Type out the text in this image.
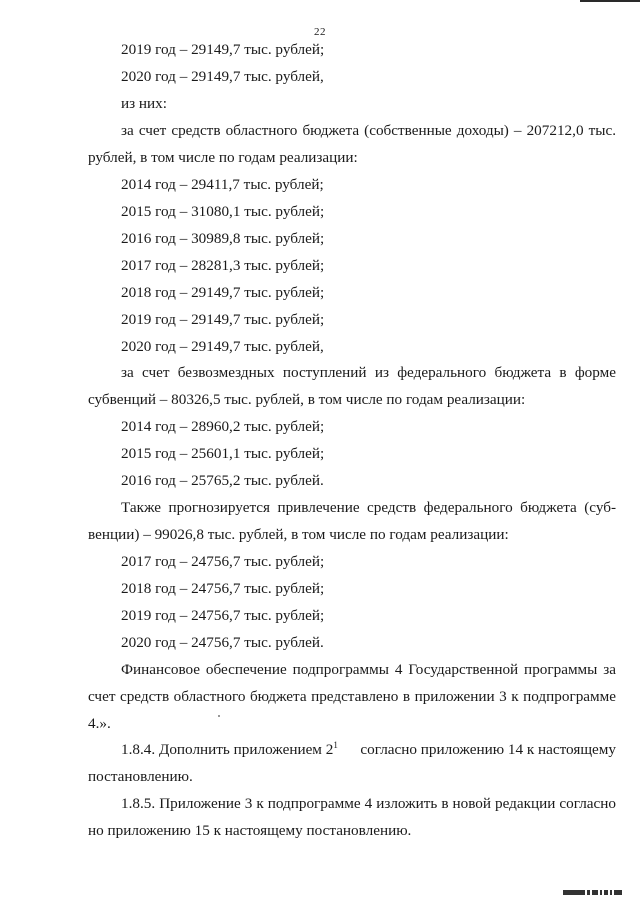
22
2019 год – 29149,7 тыс. рублей;
2020 год – 29149,7 тыс. рублей,
из них:
за счет средств областного бюджета (собственные доходы) – 207212,0 тыс.
рублей, в том числе по годам реализации:
2014 год – 29411,7 тыс. рублей;
2015 год – 31080,1 тыс. рублей;
2016 год – 30989,8 тыс. рублей;
2017 год – 28281,3 тыс. рублей;
2018 год – 29149,7 тыс. рублей;
2019 год – 29149,7 тыс. рублей;
2020 год – 29149,7 тыс. рублей,
за счет безвозмездных поступлений из федерального бюджета в форме
субвенций – 80326,5 тыс. рублей, в том числе по годам реализации:
2014 год – 28960,2 тыс. рублей;
2015 год – 25601,1 тыс. рублей;
2016 год – 25765,2 тыс. рублей.
Также прогнозируется привлечение средств федерального бюджета (суб-
венции) – 99026,8 тыс. рублей, в том числе по годам реализации:
2017 год – 24756,7 тыс. рублей;
2018 год – 24756,7 тыс. рублей;
2019 год – 24756,7 тыс. рублей;
2020 год – 24756,7 тыс. рублей.
Финансовое обеспечение подпрограммы 4 Государственной программы за
счет средств областного бюджета представлено в приложении 3 к подпрограмме
4.».
1.8.4. Дополнить приложением $2^1$ согласно приложению 14 к настоящему
постановлению.
1.8.5. Приложение 3 к подпрограмме 4 изложить в новой редакции согласно
но приложению 15 к настоящему постановлению.
